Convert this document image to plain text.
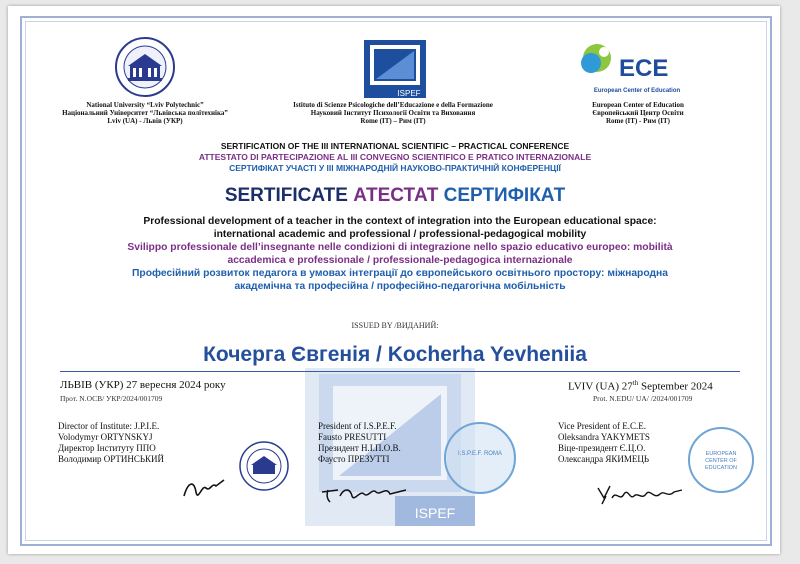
National University “Lviv Polytechnic”
Національний Університет “Львівська політехніка”
Lviv (UA) - Львів (УКР)
ISPEF
Istituto di Scienze Psicologiche dell’Educazione e della Formazione
Науковий Інститут Психології Освіти та Виховання
Rome (IT) – Рим (IT)
ECE
European Center of Education
European Center of Education
Європейський Центр Освіти
Rome (IT) - Рим (IT)
SERTIFICATION OF THE III INTERNATIONAL SCIENTIFIC – PRACTICAL CONFERENCE
ATTESTATO DI PARTECIPAZIONE AL III CONVEGNO SCIENTIFICO E PRATICO INTERNAZIONALE
СЕРТИФІКАТ УЧАСТІ У ІІІ МІЖНАРОДНІЙ НАУКОВО-ПРАКТИЧНІЙ КОНФЕРЕНЦІЇ
SERTIFICATE АТЕСТАТ СЕРТИФІКАТ
Professional development of a teacher in the context of integration into the European educational space:
international academic and professional / professional-pedagogical mobility
Svilippo professionale dell’insegnante nelle condizioni di integrazione nello spazio educativo europeo: mobilità
accademica e professionale / professionale-pedagogica internazionale
Професійний розвиток педагога в умовах інтеграції до європейського освітнього простору: міжнародна
академічна та професійна / професійно-педагогічна мобільність
ISSUED BY /ВИДАНИЙ:
ISPEF
Кочерга Євгенія / Kocherha Yevheniia
ЛЬВІВ (УКР) 27 вересня 2024 року
Прот. N.ОСВ/ УКР/2024/001709
LVIV (UA) 27th September 2024
Prot. N.EDU/ UA/ /2024/001709
Director of Institute: J.P.I.E.
Volodymyr ORTYNSKYJ
Директор Інституту ППО
Володимир ОРТИНСЬКИЙ
President of I.S.P.E.F.
Fausto PRESUTTI
Президент Н.І.П.О.В.
Фаусто ПРЕЗУТТІ
Vice President of E.C.E.
Oleksandra YAKYMETS
Віце-президент Є.Ц.О.
Олександра ЯКИМЕЦЬ
I.S.P.E.F. ROMA	EUROPEAN CENTER OF EDUCATION
